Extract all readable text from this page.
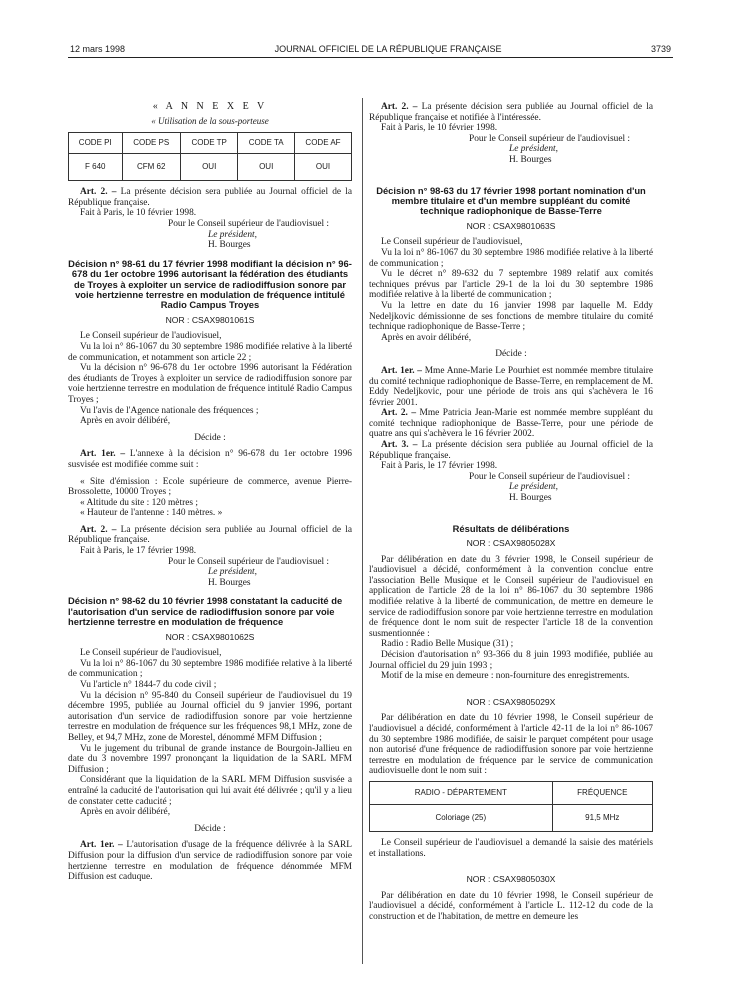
12 mars 1998	JOURNAL OFFICIEL DE LA RÉPUBLIQUE FRANÇAISE	3739
« A N N E X E V
« Utilisation de la sous-porteuse
CODE PI	CODE PS	CODE TP	CODE TA	CODE AF
F 640	CFM 62	OUI	OUI	OUI

Art. 2. – La présente décision sera publiée au Journal officiel de la République française.

Fait à Paris, le 10 février 1998.

Pour le Conseil supérieur de l'audiovisuel :

Le président,
H. Bourges
Décision n° 98-61 du 17 février 1998 modifiant la décision n° 96-678 du 1er octobre 1996 autorisant la fédération des étudiants de Troyes à exploiter un service de radiodiffusion sonore par voie hertzienne terrestre en modulation de fréquence intitulé Radio Campus Troyes
NOR : CSAX9801061S

Le Conseil supérieur de l'audiovisuel,

Vu la loi n° 86-1067 du 30 septembre 1986 modifiée relative à la liberté de communication, et notamment son article 22 ;

Vu la décision n° 96-678 du 1er octobre 1996 autorisant la Fédération des étudiants de Troyes à exploiter un service de radiodiffusion sonore par voie hertzienne terrestre en modulation de fréquence intitulé Radio Campus Troyes ;

Vu l'avis de l'Agence nationale des fréquences ;

Après en avoir délibéré,

Décide :

Art. 1er. – L'annexe à la décision n° 96-678 du 1er octobre 1996 susvisée est modifiée comme suit :

« Site d'émission : Ecole supérieure de commerce, avenue Pierre-Brossolette, 10000 Troyes ;

« Altitude du site : 120 mètres ;

« Hauteur de l'antenne : 140 mètres. »

Art. 2. – La présente décision sera publiée au Journal officiel de la République française.

Fait à Paris, le 17 février 1998.

Pour le Conseil supérieur de l'audiovisuel :

Le président,
H. Bourges
Décision n° 98-62 du 10 février 1998 constatant la caducité de l'autorisation d'un service de radiodiffusion sonore par voie hertzienne terrestre en modulation de fréquence
NOR : CSAX9801062S

Le Conseil supérieur de l'audiovisuel,

Vu la loi n° 86-1067 du 30 septembre 1986 modifiée relative à la liberté de communication ;

Vu l'article n° 1844-7 du code civil ;

Vu la décision n° 95-840 du Conseil supérieur de l'audiovisuel du 19 décembre 1995, publiée au Journal officiel du 9 janvier 1996, portant autorisation d'un service de radiodiffusion sonore par voie hertzienne terrestre en modulation de fréquence sur les fréquences 98,1 MHz, zone de Belley, et 94,7 MHz, zone de Morestel, dénommé MFM Diffusion ;

Vu le jugement du tribunal de grande instance de Bourgoin-Jallieu en date du 3 novembre 1997 prononçant la liquidation de la SARL MFM Diffusion ;

Considérant que la liquidation de la SARL MFM Diffusion susvisée a entraîné la caducité de l'autorisation qui lui avait été délivrée ; qu'il y a lieu de constater cette caducité ;

Après en avoir délibéré,

Décide :

Art. 1er. – L'autorisation d'usage de la fréquence délivrée à la SARL Diffusion pour la diffusion d'un service de radiodiffusion sonore par voie hertzienne terrestre en modulation de fréquence dénommée MFM Diffusion est caduque.

Art. 2. – La présente décision sera publiée au Journal officiel de la République française et notifiée à l'intéressée.

Fait à Paris, le 10 février 1998.

Pour le Conseil supérieur de l'audiovisuel :

Le président,
H. Bourges
Décision n° 98-63 du 17 février 1998 portant nomination d'un membre titulaire et d'un membre suppléant du comité technique radiophonique de Basse-Terre
NOR : CSAX9801063S

Le Conseil supérieur de l'audiovisuel,

Vu la loi n° 86-1067 du 30 septembre 1986 modifiée relative à la liberté de communication ;

Vu le décret n° 89-632 du 7 septembre 1989 relatif aux comités techniques prévus par l'article 29-1 de la loi du 30 septembre 1986 modifiée relative à la liberté de communication ;

Vu la lettre en date du 16 janvier 1998 par laquelle M. Eddy Nedeljkovic démissionne de ses fonctions de membre titulaire du comité technique radiophonique de Basse-Terre ;

Après en avoir délibéré,

Décide :

Art. 1er. – Mme Anne-Marie Le Pourhiet est nommée membre titulaire du comité technique radiophonique de Basse-Terre, en remplacement de M. Eddy Nedeljkovic, pour une période de trois ans qui s'achèvera le 16 février 2001.

Art. 2. – Mme Patricia Jean-Marie est nommée membre suppléant du comité technique radiophonique de Basse-Terre, pour une période de quatre ans qui s'achèvera le 16 février 2002.

Art. 3. – La présente décision sera publiée au Journal officiel de la République française.

Fait à Paris, le 17 février 1998.

Pour le Conseil supérieur de l'audiovisuel :

Le président,
H. Bourges
Résultats de délibérations
NOR : CSAX9805028X

Par délibération en date du 3 février 1998, le Conseil supérieur de l'audiovisuel a décidé, conformément à la convention conclue entre l'association Belle Musique et le Conseil supérieur de l'audiovisuel en application de l'article 28 de la loi n° 86-1067 du 30 septembre 1986 modifiée relative à la liberté de communication, de mettre en demeure le service de radiodiffusion sonore par voie hertzienne terrestre en modulation de fréquence dont le nom suit de respecter l'article 18 de la convention susmentionnée :

Radio : Radio Belle Musique (31) ;

Décision d'autorisation n° 93-366 du 8 juin 1993 modifiée, publiée au Journal officiel du 29 juin 1993 ;

Motif de la mise en demeure : non-fourniture des enregistrements.

NOR : CSAX9805029X

Par délibération en date du 10 février 1998, le Conseil supérieur de l'audiovisuel a décidé, conformément à l'article 42-11 de la loi n° 86-1067 du 30 septembre 1986 modifiée, de saisir le parquet compétent pour usage non autorisé d'une fréquence de radiodiffusion sonore par voie hertzienne terrestre en modulation de fréquence par le service de communication audiovisuelle dont le nom suit :

RADIO - DÉPARTEMENT	FRÉQUENCE
Coloriage (25)	91,5 MHz

Le Conseil supérieur de l'audiovisuel a demandé la saisie des matériels et installations.

NOR : CSAX9805030X

Par délibération en date du 10 février 1998, le Conseil supérieur de l'audiovisuel a décidé, conformément à l'article L. 112-12 du code de la construction et de l'habitation, de mettre en demeure les
